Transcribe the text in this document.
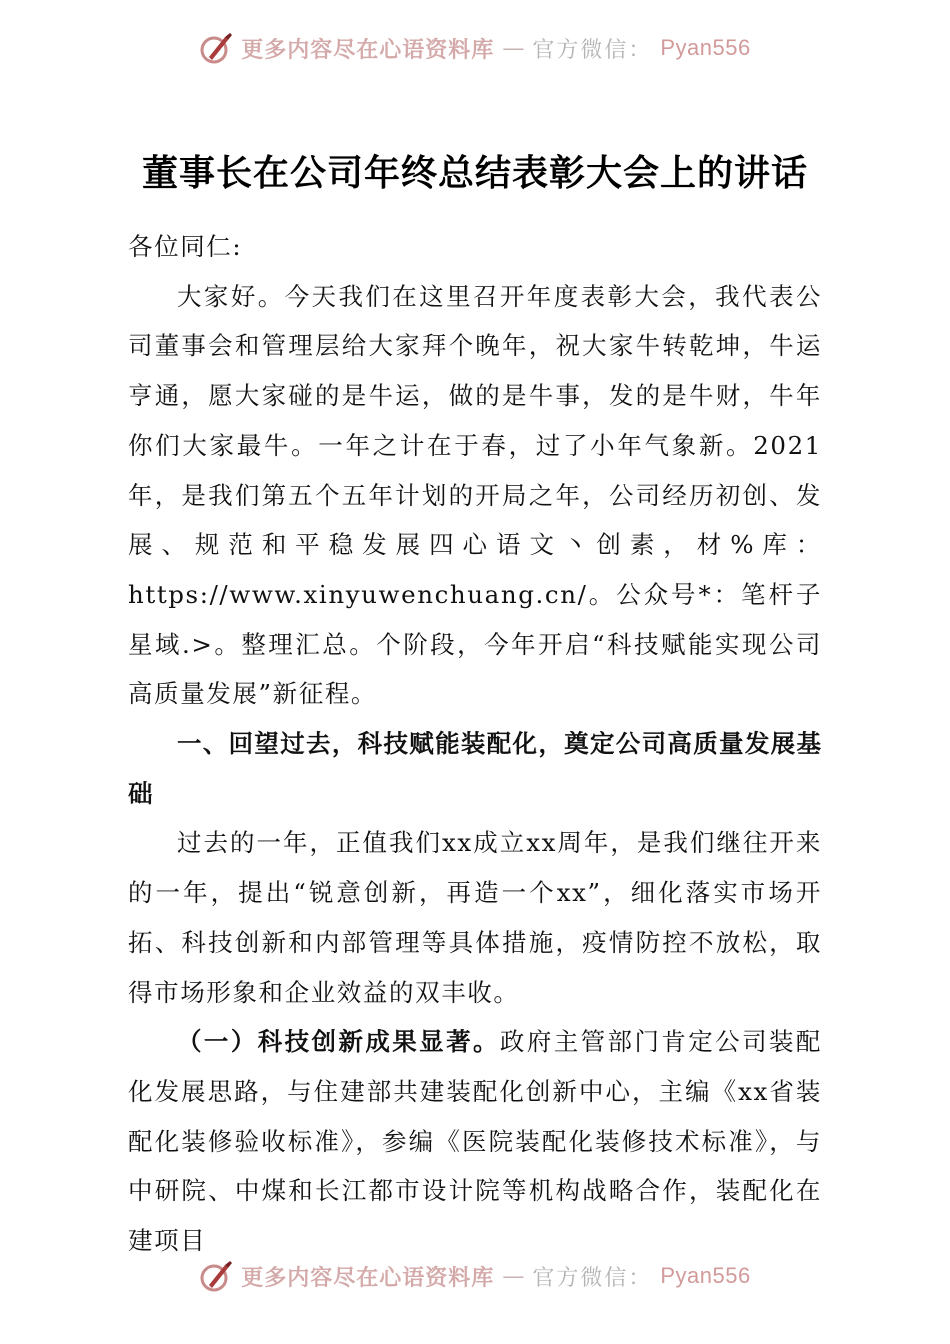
更多内容尽在心语资料库 — 官方微信： Pyan556
董事长在公司年终总结表彰大会上的讲话

各位同仁:

大家好。今天我们在这里召开年度表彰大会，我代表公司董事会和管理层给大家拜个晚年，祝大家牛转乾坤，牛运亨通，愿大家碰的是牛运，做的是牛事，发的是牛财，牛年你们大家最牛。一年之计在于春，过了小年气象新。2021年，是我们第五个五年计划的开局之年，公司经历初创、发展、规范和平稳发展四心语文丶创素，材%库：https://www.xinyuwenchuang.cn/。公众号*：笔杆子星域.>。整理汇总。个阶段，今年开启“科技赋能实现公司高质量发展”新征程。

一、回望过去，科技赋能装配化，奠定公司高质量发展基础

过去的一年，正值我们xx成立xx周年，是我们继往开来的一年，提出“锐意创新，再造一个xx”，细化落实市场开拓、科技创新和内部管理等具体措施，疫情防控不放松，取得市场形象和企业效益的双丰收。

（一）科技创新成果显著。政府主管部门肯定公司装配化发展思路，与住建部共建装配化创新中心，主编《xx省装配化装修验收标准》，参编《医院装配化装修技术标准》，与中研院、中煤和长江都市设计院等机构战略合作，装配化在建项目

更多内容尽在心语资料库 — 官方微信： Pyan556
